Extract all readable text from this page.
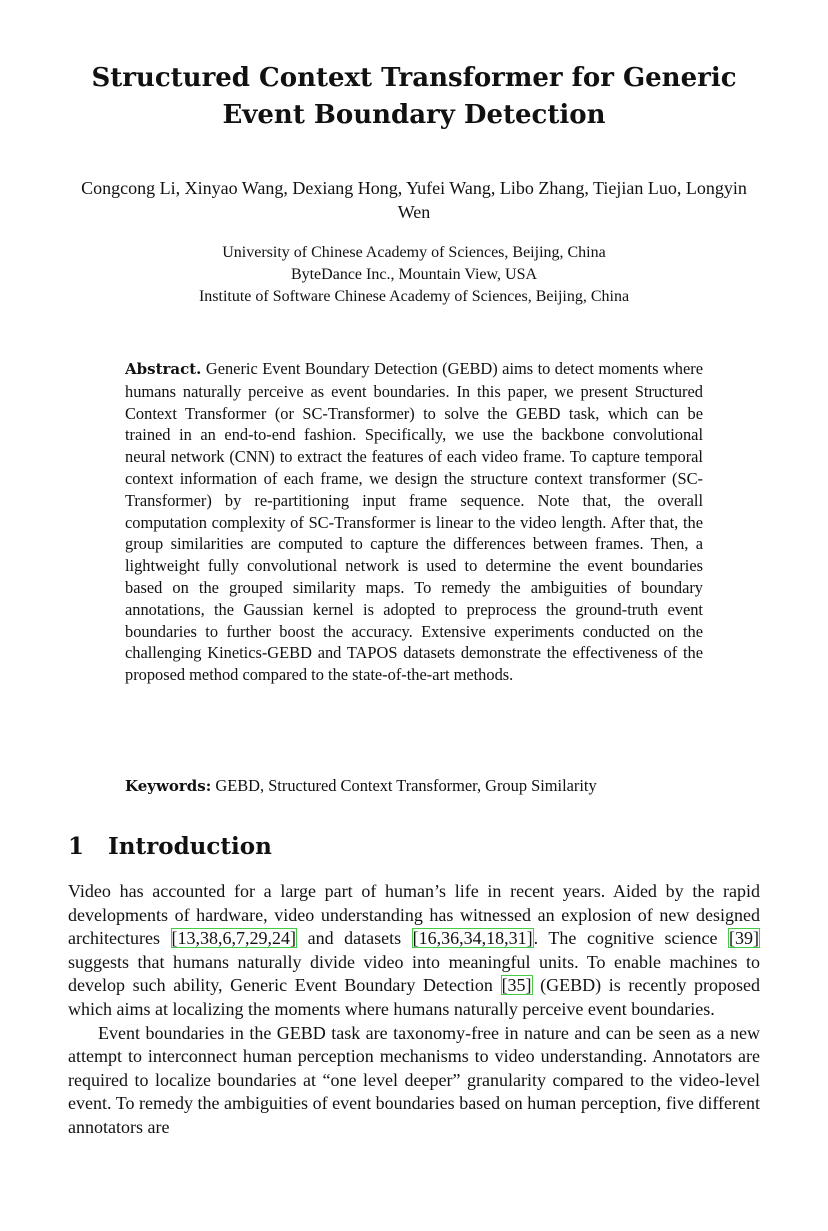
Structured Context Transformer for Generic
Event Boundary Detection
Congcong Li, Xinyao Wang, Dexiang Hong, Yufei Wang, Libo Zhang, Tiejian Luo, Longyin Wen
University of Chinese Academy of Sciences, Beijing, China
ByteDance Inc., Mountain View, USA
Institute of Software Chinese Academy of Sciences, Beijing, China
Abstract. Generic Event Boundary Detection (GEBD) aims to detect moments where humans naturally perceive as event boundaries. In this paper, we present Structured Context Transformer (or SC-Transformer) to solve the GEBD task, which can be trained in an end-to-end fashion. Specifically, we use the backbone convolutional neural network (CNN) to extract the features of each video frame. To capture temporal context information of each frame, we design the structure context transformer (SC-Transformer) by re-partitioning input frame sequence. Note that, the overall computation complexity of SC-Transformer is linear to the video length. After that, the group similarities are computed to capture the differences between frames. Then, a lightweight fully convolutional network is used to determine the event boundaries based on the grouped similarity maps. To remedy the ambiguities of boundary annotations, the Gaussian kernel is adopted to preprocess the ground-truth event boundaries to further boost the accuracy. Extensive experiments conducted on the challenging Kinetics-GEBD and TAPOS datasets demonstrate the effectiveness of the proposed method compared to the state-of-the-art methods.
Keywords: GEBD, Structured Context Transformer, Group Similarity
1 Introduction

Video has accounted for a large part of human’s life in recent years. Aided by the rapid developments of hardware, video understanding has witnessed an explosion of new designed architectures [13,38,6,7,29,24] and datasets [16,36,34,18,31]. The cognitive science [39] suggests that humans naturally divide video into meaningful units. To enable machines to develop such ability, Generic Event Boundary Detection [35] (GEBD) is recently proposed which aims at localizing the moments where humans naturally perceive event boundaries.

Event boundaries in the GEBD task are taxonomy-free in nature and can be seen as a new attempt to interconnect human perception mechanisms to video understanding. Annotators are required to localize boundaries at “one level deeper” granularity compared to the video-level event. To remedy the ambiguities of event boundaries based on human perception, five different annotators are
